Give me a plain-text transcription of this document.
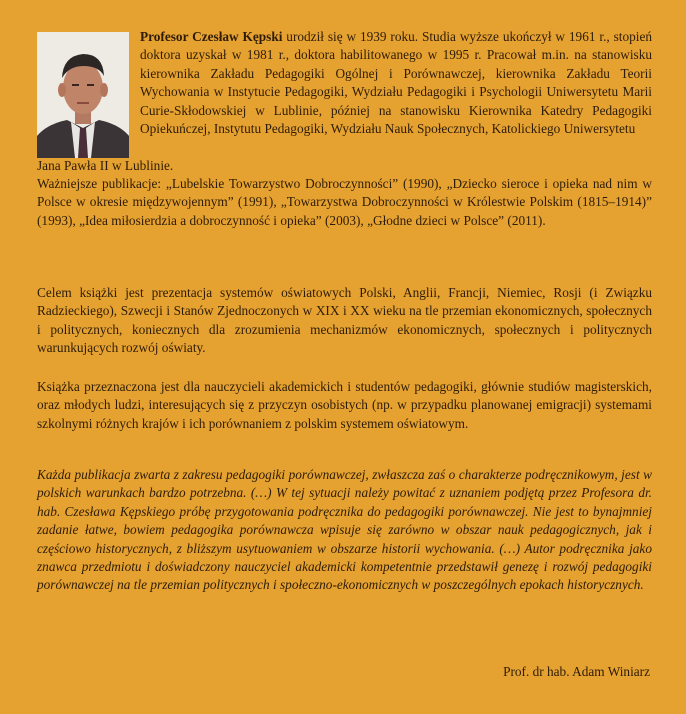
Profesor Czesław Kępski urodził się w 1939 roku. Studia wyższe ukończył w 1961 r., stopień doktora uzyskał w 1981 r., doktora habilitowanego w 1995 r. Pracował m.in. na stanowisku kierownika Zakładu Pedagogiki Ogólnej i Porównawczej, kierownika Zakładu Teorii Wychowania w Instytucie Pedagogiki, Wydziału Pedagogiki i Psychologii Uniwersytetu Marii Curie-Skłodowskiej w Lublinie, później na stanowisku Kierownika Katedry Pedagogiki Opiekuńczej, Instytutu Pedagogiki, Wydziału Nauk Społecznych, Katolickiego Uniwersytetu

Jana Pawła II w Lublinie.

Ważniejsze publikacje: „Lubelskie Towarzystwo Dobroczynności” (1990), „Dziecko sieroce i opieka nad nim w Polsce w okresie międzywojennym” (1991), „Towarzystwa Dobroczynności w Królestwie Polskim (1815–1914)” (1993), „Idea miłosierdzia a dobroczynność i opieka” (2003), „Głodne dzieci w Polsce” (2011).

Celem książki jest prezentacja systemów oświatowych Polski, Anglii, Francji, Niemiec, Rosji (i Związku Radzieckiego), Szwecji i Stanów Zjednoczonych w XIX i XX wieku na tle przemian ekonomicznych, społecznych i politycznych, koniecznych dla zrozumienia mechanizmów ekonomicznych, społecznych i politycznych warunkujących rozwój oświaty.

Książka przeznaczona jest dla nauczycieli akademickich i studentów pedagogiki, głównie studiów magisterskich, oraz młodych ludzi, interesujących się z przyczyn osobistych (np. w przypadku planowanej emigracji) systemami szkolnymi różnych krajów i ich porównaniem z polskim systemem oświatowym.

Każda publikacja zwarta z zakresu pedagogiki porównawczej, zwłaszcza zaś o charakterze podręcznikowym, jest w polskich warunkach bardzo potrzebna. (…) W tej sytuacji należy powitać z uznaniem podjętą przez Profesora dr. hab. Czesława Kępskiego próbę przygotowania podręcznika do pedagogiki porównawczej. Nie jest to bynajmniej zadanie łatwe, bowiem pedagogika porównawcza wpisuje się zarówno w obszar nauk pedagogicznych, jak i częściowo historycznych, z bliższym usytuowaniem w obszarze historii wychowania. (…) Autor podręcznika jako znawca przedmiotu i doświadczony nauczyciel akademicki kompetentnie przedstawił genezę i rozwój pedagogiki porównawczej na tle przemian politycznych i społeczno-ekonomicznych w poszczególnych epokach historycznych.

Prof. dr hab. Adam Winiarz
